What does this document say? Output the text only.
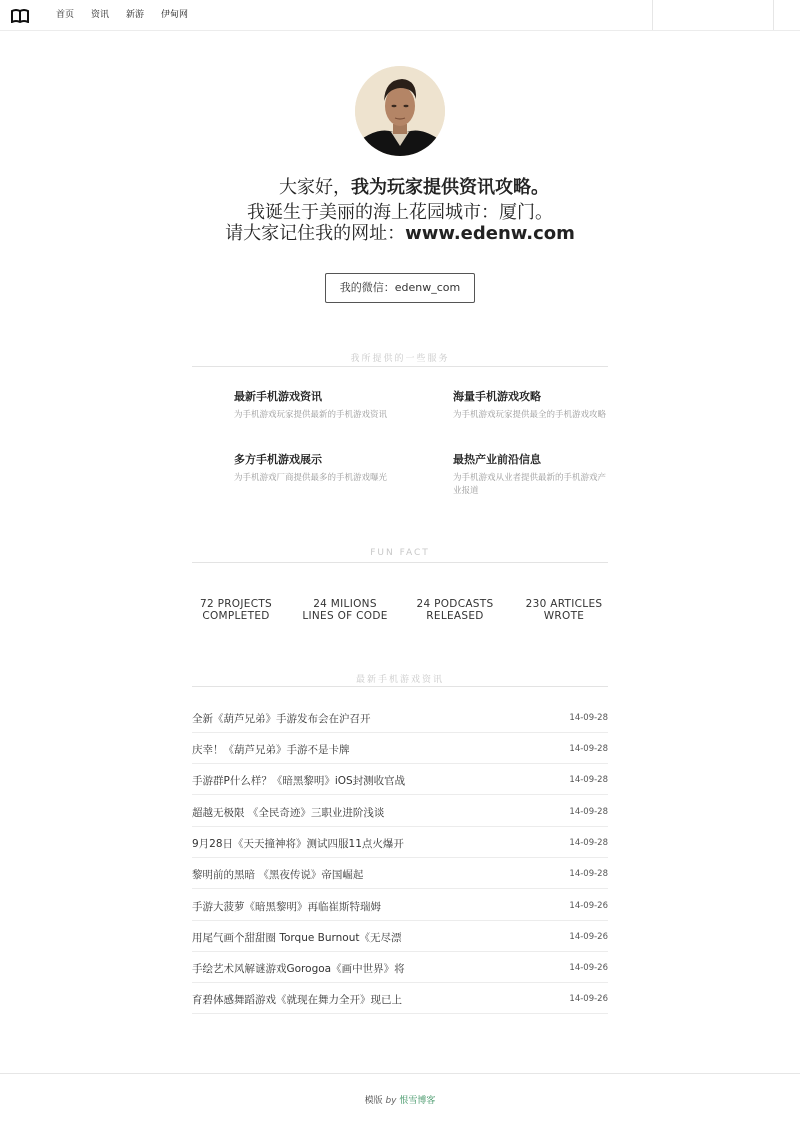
首页 资讯 新游 伊甸网
大家好，我为玩家提供资讯攻略。
我诞生于美丽的海上花园城市：厦门。
请大家记住我的网址：www.edenw.com
我的微信：edenw_com
我所提供的一些服务
最新手机游戏资讯
为手机游戏玩家提供最新的手机游戏资讯
海量手机游戏攻略
为手机游戏玩家提供最全的手机游戏攻略
多方手机游戏展示
为手机游戏厂商提供最多的手机游戏曝光
最热产业前沿信息
为手机游戏从业者提供最新的手机游戏产业报道
FUN FACT
72 PROJECTS
COMPLETED
24 MILIONS
LINES OF CODE
24 PODCASTS
RELEASED
230 ARTICLES
WROTE
最新手机游戏资讯
全新《葫芦兄弟》手游发布会在沪召开	14-09-28
庆幸！《葫芦兄弟》手游不是卡牌	14-09-28
手游群P什么样？《暗黑黎明》iOS封测收官战	14-09-28
超越无极限 《全民奇迹》三职业进阶浅谈	14-09-28
9月28日《天天撞神将》测试四服11点火爆开	14-09-28
黎明前的黑暗 《黑夜传说》帝国崛起	14-09-28
手游大菠萝《暗黑黎明》再临崔斯特瑞姆	14-09-26
用尾气画个甜甜圈 Torque Burnout《无尽漂	14-09-26
手绘艺术风解谜游戏Gorogoa《画中世界》将	14-09-26
育碧体感舞蹈游戏《就现在舞力全开》现已上	14-09-26
模版 by 恨雪博客
